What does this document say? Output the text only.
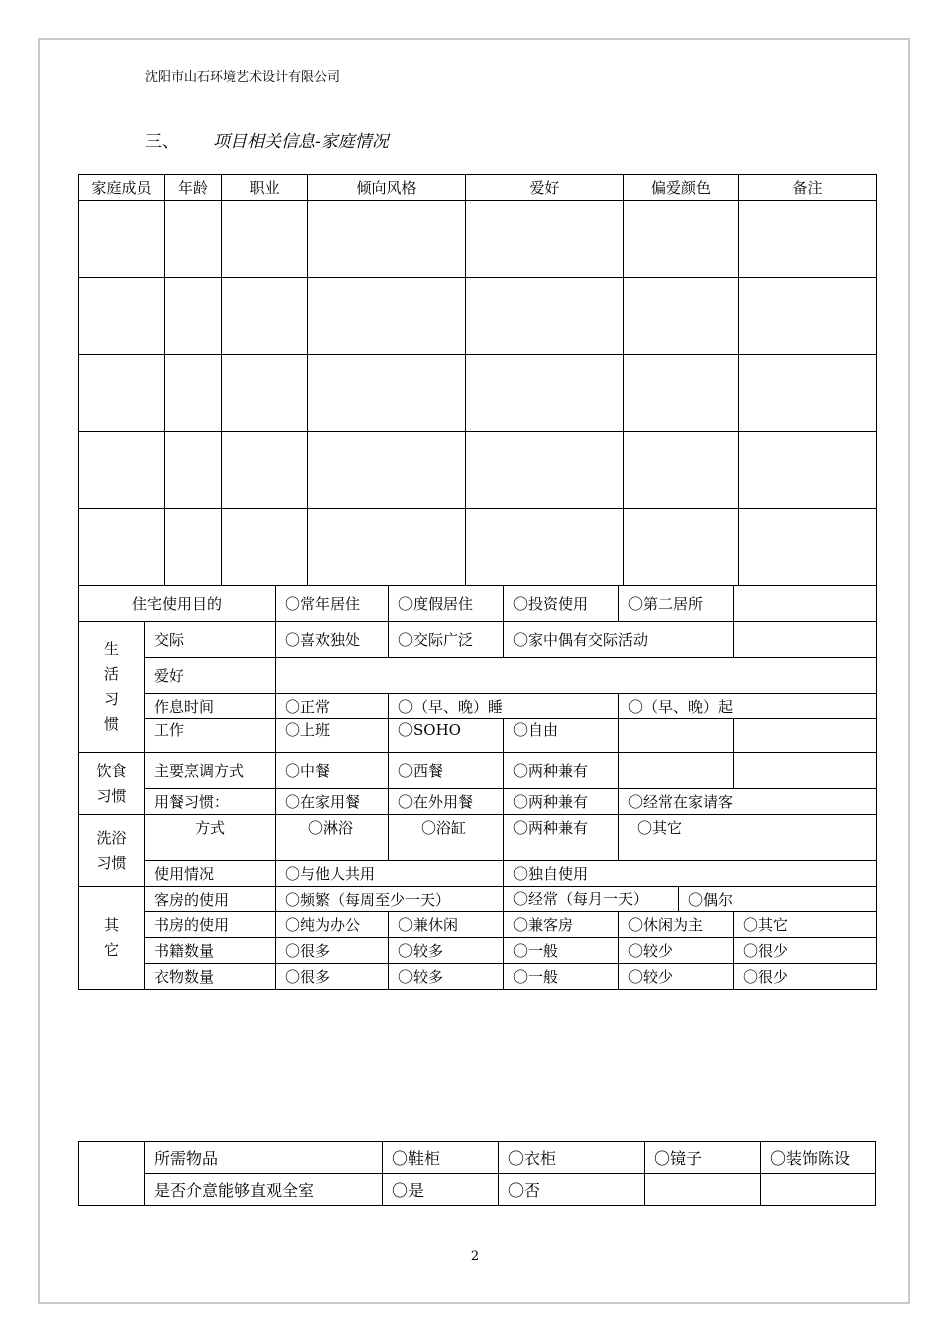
沈阳市山石环境艺术设计有限公司
三、 项目相关信息-家庭情况
家庭成员	年龄	职业	倾向风格	爱好	偏爱颜色	备注

住宅使用目的		〇常年居住	〇度假居住	〇投资使用	〇第二居所	
生活习惯	交际	〇喜欢独处	〇交际广泛	〇家中偶有交际活动		
	爱好					
	作息时间	〇正常	〇（早、晚）睡		〇（早、晚）起	
	工作	〇上班	〇SOHO	〇自由		
饮食习惯	主要烹调方式	〇中餐	〇西餐	〇两种兼有		
	用餐习惯：	〇在家用餐	〇在外用餐	〇两种兼有	〇经常在家请客	
洗浴习惯	方式	〇淋浴	〇浴缸	〇两种兼有	〇其它	
	使用情况	〇与他人共用		〇独自使用		
其它	客房的使用	〇频繁（每周至少一天）		〇经常（每月一天） 〇偶尔		

	书房的使用	〇纯为办公	〇兼休闲	〇兼客房	〇休闲为主	〇其它
	书籍数量	〇很多	〇较多	〇一般	〇较少	〇很少
	衣物数量	〇很多	〇较多	〇一般	〇较少	〇很少
	所需物品	〇鞋柜	〇衣柜	〇镜子	〇装饰陈设
	是否介意能够直观全室	〇是	〇否		
2
